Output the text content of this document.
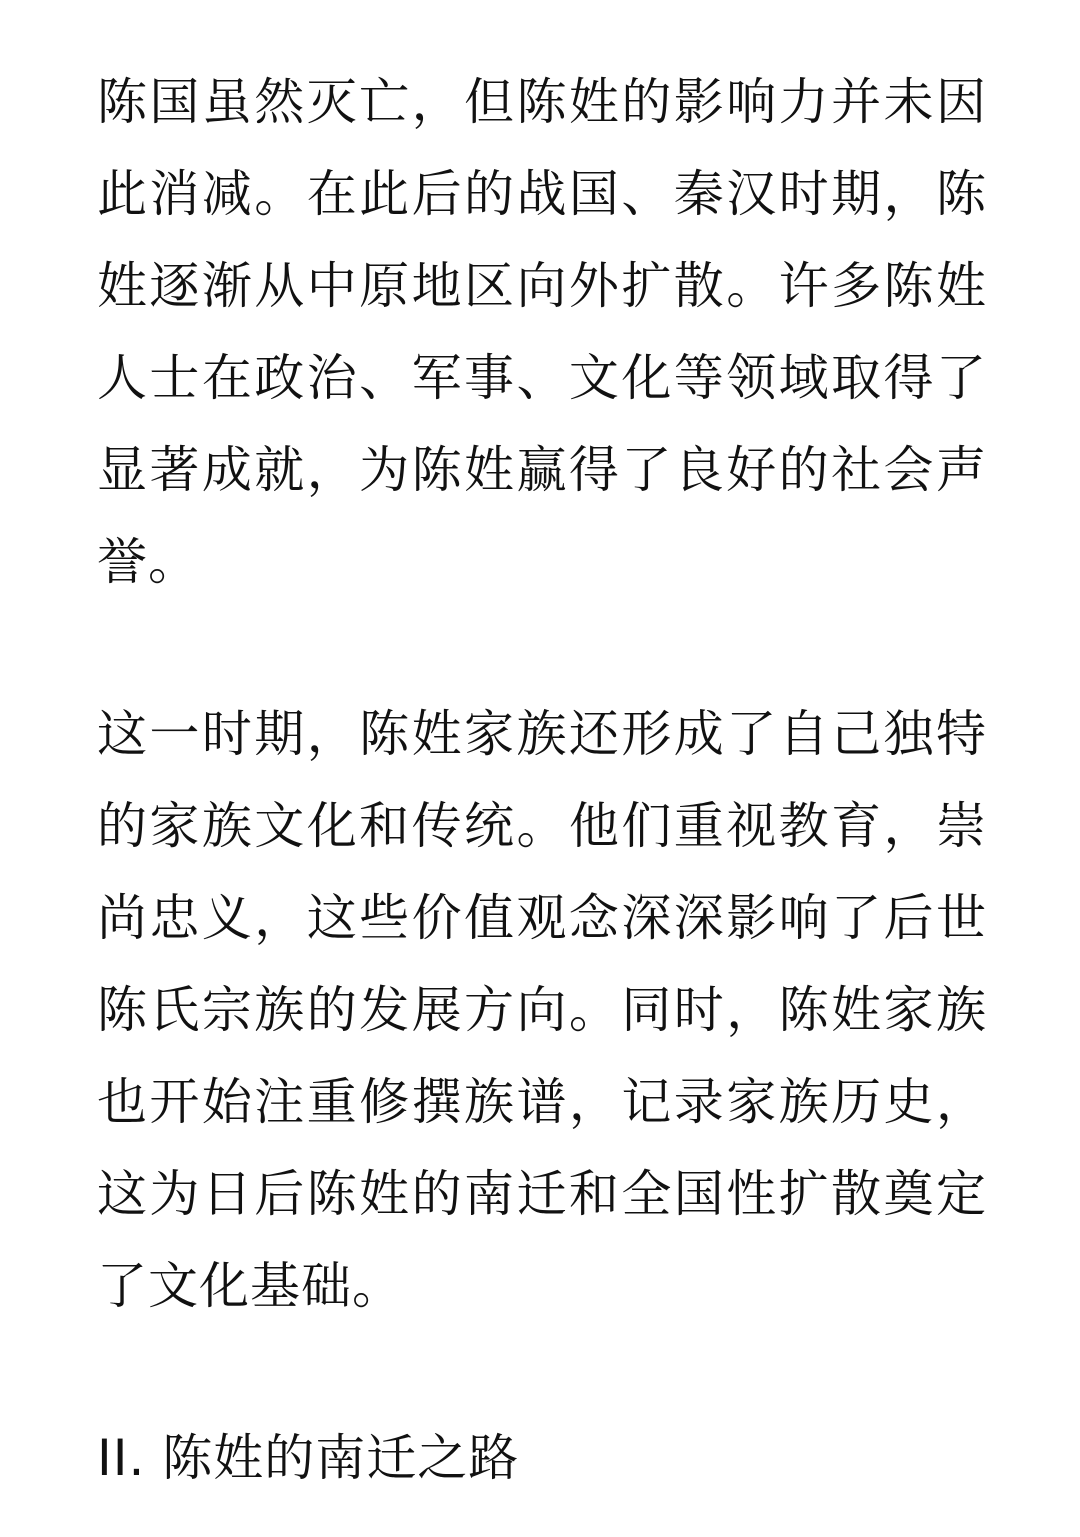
陈国虽然灭亡，但陈姓的影响力并未因此消减。在此后的战国、秦汉时期，陈姓逐渐从中原地区向外扩散。许多陈姓人士在政治、军事、文化等领域取得了显著成就，为陈姓赢得了良好的社会声誉。

这一时期，陈姓家族还形成了自己独特的家族文化和传统。他们重视教育，崇尚忠义，这些价值观念深深影响了后世陈氏宗族的发展方向。同时，陈姓家族也开始注重修撰族谱，记录家族历史，这为日后陈姓的南迁和全国性扩散奠定了文化基础。

II. 陈姓的南迁之路
